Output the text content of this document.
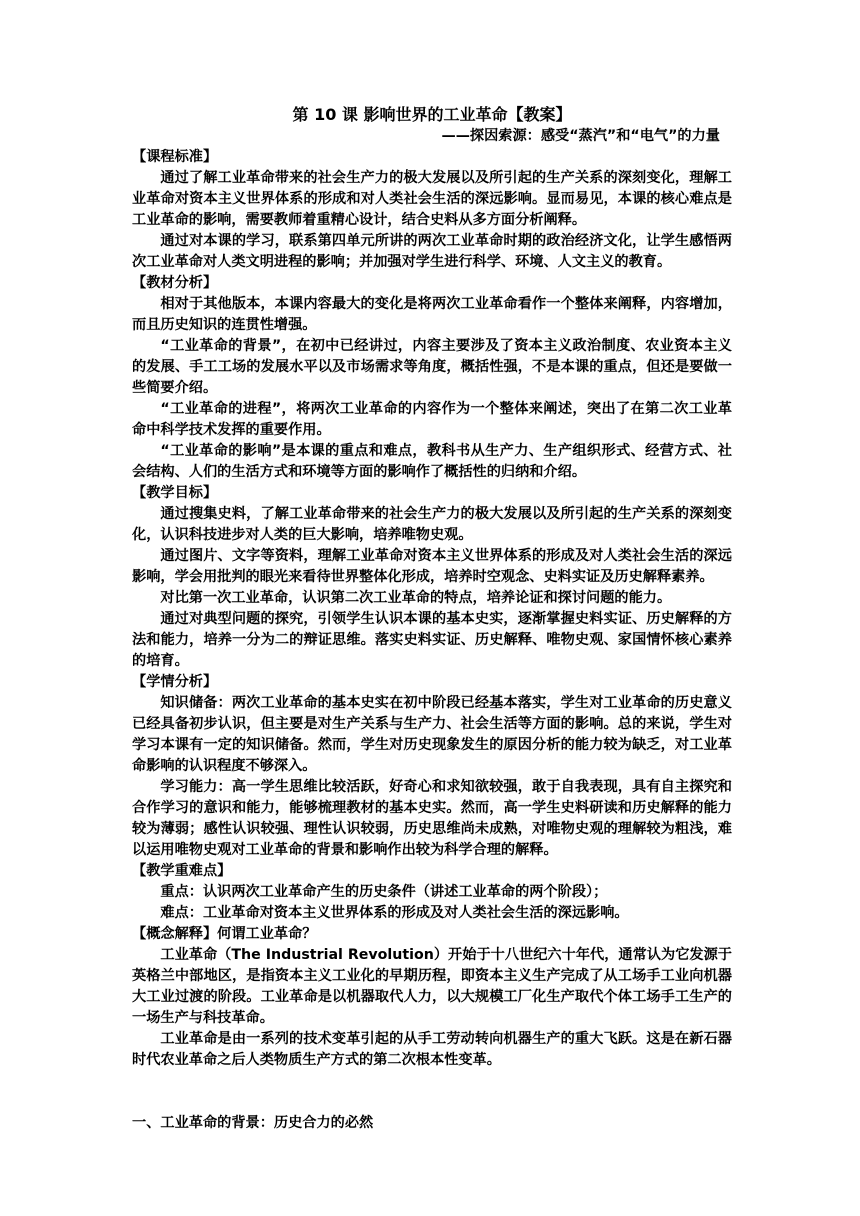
第 10 课 影响世界的工业革命【教案】

——探因索源：感受“蒸汽”和“电气”的力量

【课程标准】

通过了解工业革命带来的社会生产力的极大发展以及所引起的生产关系的深刻变化，理解工业革命对资本主义世界体系的形成和对人类社会生活的深远影响。显而易见，本课的核心难点是工业革命的影响，需要教师着重精心设计，结合史料从多方面分析阐释。

通过对本课的学习，联系第四单元所讲的两次工业革命时期的政治经济文化，让学生感悟两次工业革命对人类文明进程的影响；并加强对学生进行科学、环境、人文主义的教育。

【教材分析】

相对于其他版本，本课内容最大的变化是将两次工业革命看作一个整体来阐释，内容增加，而且历史知识的连贯性增强。

“工业革命的背景”，在初中已经讲过，内容主要涉及了资本主义政治制度、农业资本主义的发展、手工工场的发展水平以及市场需求等角度，概括性强，不是本课的重点，但还是要做一些简要介绍。

“工业革命的进程”，将两次工业革命的内容作为一个整体来阐述，突出了在第二次工业革命中科学技术发挥的重要作用。

“工业革命的影响”是本课的重点和难点，教科书从生产力、生产组织形式、经营方式、社会结构、人们的生活方式和环境等方面的影响作了概括性的归纳和介绍。

【教学目标】

通过搜集史料，了解工业革命带来的社会生产力的极大发展以及所引起的生产关系的深刻变化，认识科技进步对人类的巨大影响，培养唯物史观。

通过图片、文字等资料，理解工业革命对资本主义世界体系的形成及对人类社会生活的深远影响，学会用批判的眼光来看待世界整体化形成，培养时空观念、史料实证及历史解释素养。

对比第一次工业革命，认识第二次工业革命的特点，培养论证和探讨问题的能力。

通过对典型问题的探究，引领学生认识本课的基本史实，逐渐掌握史料实证、历史解释的方法和能力，培养一分为二的辩证思维。落实史料实证、历史解释、唯物史观、家国情怀核心素养的培育。

【学情分析】

知识储备：两次工业革命的基本史实在初中阶段已经基本落实，学生对工业革命的历史意义已经具备初步认识，但主要是对生产关系与生产力、社会生活等方面的影响。总的来说，学生对学习本课有一定的知识储备。然而，学生对历史现象发生的原因分析的能力较为缺乏，对工业革命影响的认识程度不够深入。

学习能力：高一学生思维比较活跃，好奇心和求知欲较强，敢于自我表现，具有自主探究和合作学习的意识和能力，能够梳理教材的基本史实。然而，高一学生史料研读和历史解释的能力较为薄弱；感性认识较强、理性认识较弱，历史思维尚未成熟，对唯物史观的理解较为粗浅，难以运用唯物史观对工业革命的背景和影响作出较为科学合理的解释。

【教学重难点】

重点：认识两次工业革命产生的历史条件（讲述工业革命的两个阶段）；

难点：工业革命对资本主义世界体系的形成及对人类社会生活的深远影响。

【概念解释】何谓工业革命？

工业革命（The Industrial Revolution）开始于十八世纪六十年代，通常认为它发源于英格兰中部地区，是指资本主义工业化的早期历程，即资本主义生产完成了从工场手工业向机器大工业过渡的阶段。工业革命是以机器取代人力，以大规模工厂化生产取代个体工场手工生产的一场生产与科技革命。

工业革命是由一系列的技术变革引起的从手工劳动转向机器生产的重大飞跃。这是在新石器时代农业革命之后人类物质生产方式的第二次根本性变革。

一、工业革命的背景：历史合力的必然
